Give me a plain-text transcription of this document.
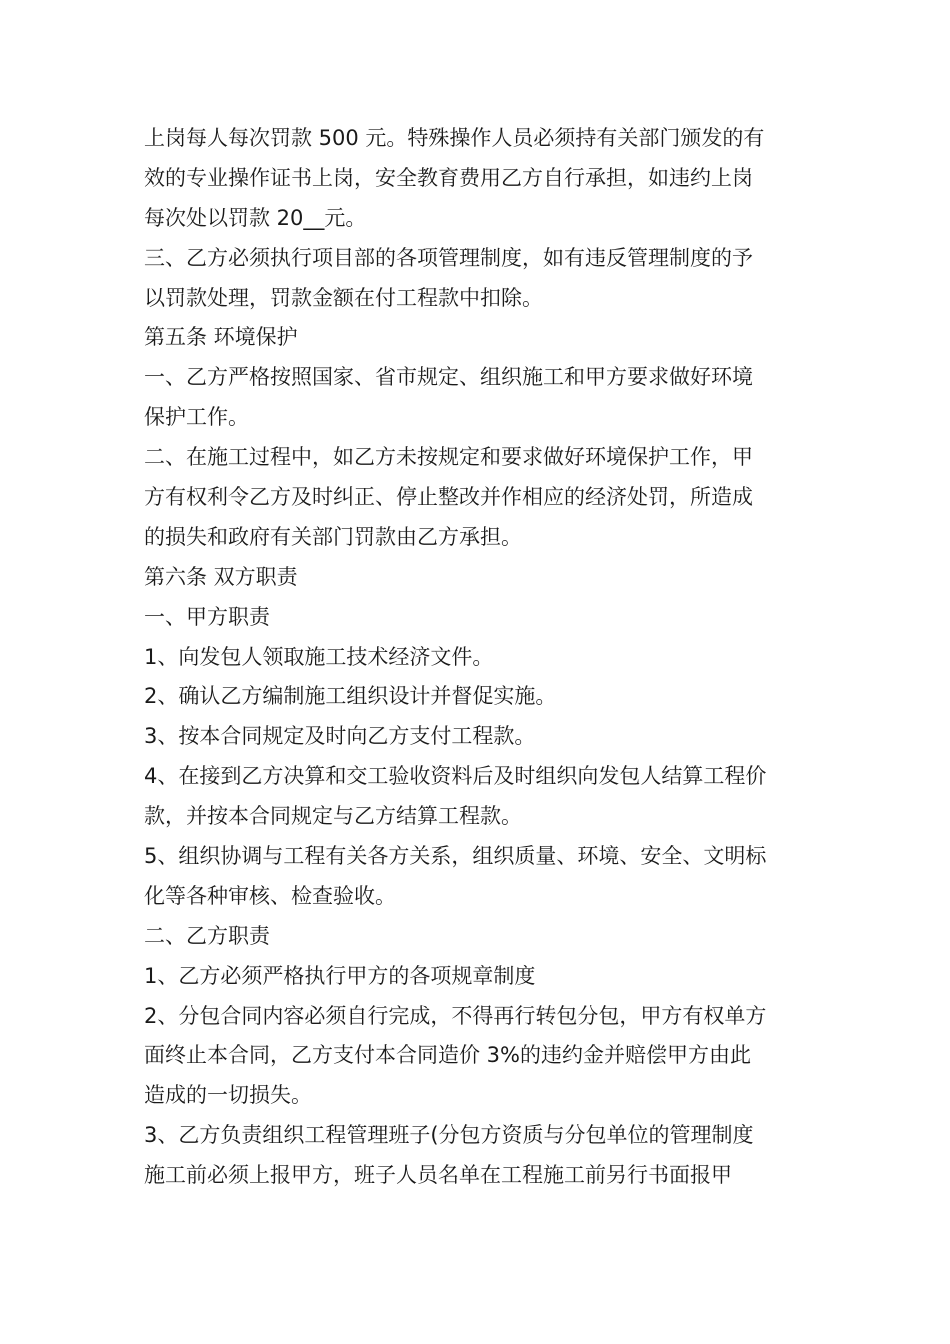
上岗每人每次罚款 500 元。特殊操作人员必须持有关部门颁发的有
效的专业操作证书上岗，安全教育费用乙方自行承担，如违约上岗
每次处以罚款 20__元。
三、乙方必须执行项目部的各项管理制度，如有违反管理制度的予
以罚款处理，罚款金额在付工程款中扣除。
第五条 环境保护
一、乙方严格按照国家、省市规定、组织施工和甲方要求做好环境
保护工作。
二、在施工过程中，如乙方未按规定和要求做好环境保护工作，甲
方有权利令乙方及时纠正、停止整改并作相应的经济处罚，所造成
的损失和政府有关部门罚款由乙方承担。
第六条 双方职责
一、甲方职责
1、向发包人领取施工技术经济文件。
2、确认乙方编制施工组织设计并督促实施。
3、按本合同规定及时向乙方支付工程款。
4、在接到乙方决算和交工验收资料后及时组织向发包人结算工程价
款，并按本合同规定与乙方结算工程款。
5、组织协调与工程有关各方关系，组织质量、环境、安全、文明标
化等各种审核、检查验收。
二、乙方职责
1、乙方必须严格执行甲方的各项规章制度
2、分包合同内容必须自行完成，不得再行转包分包，甲方有权单方
面终止本合同，乙方支付本合同造价 3%的违约金并赔偿甲方由此
造成的一切损失。
3、乙方负责组织工程管理班子(分包方资质与分包单位的管理制度
施工前必须上报甲方，班子人员名单在工程施工前另行书面报甲
